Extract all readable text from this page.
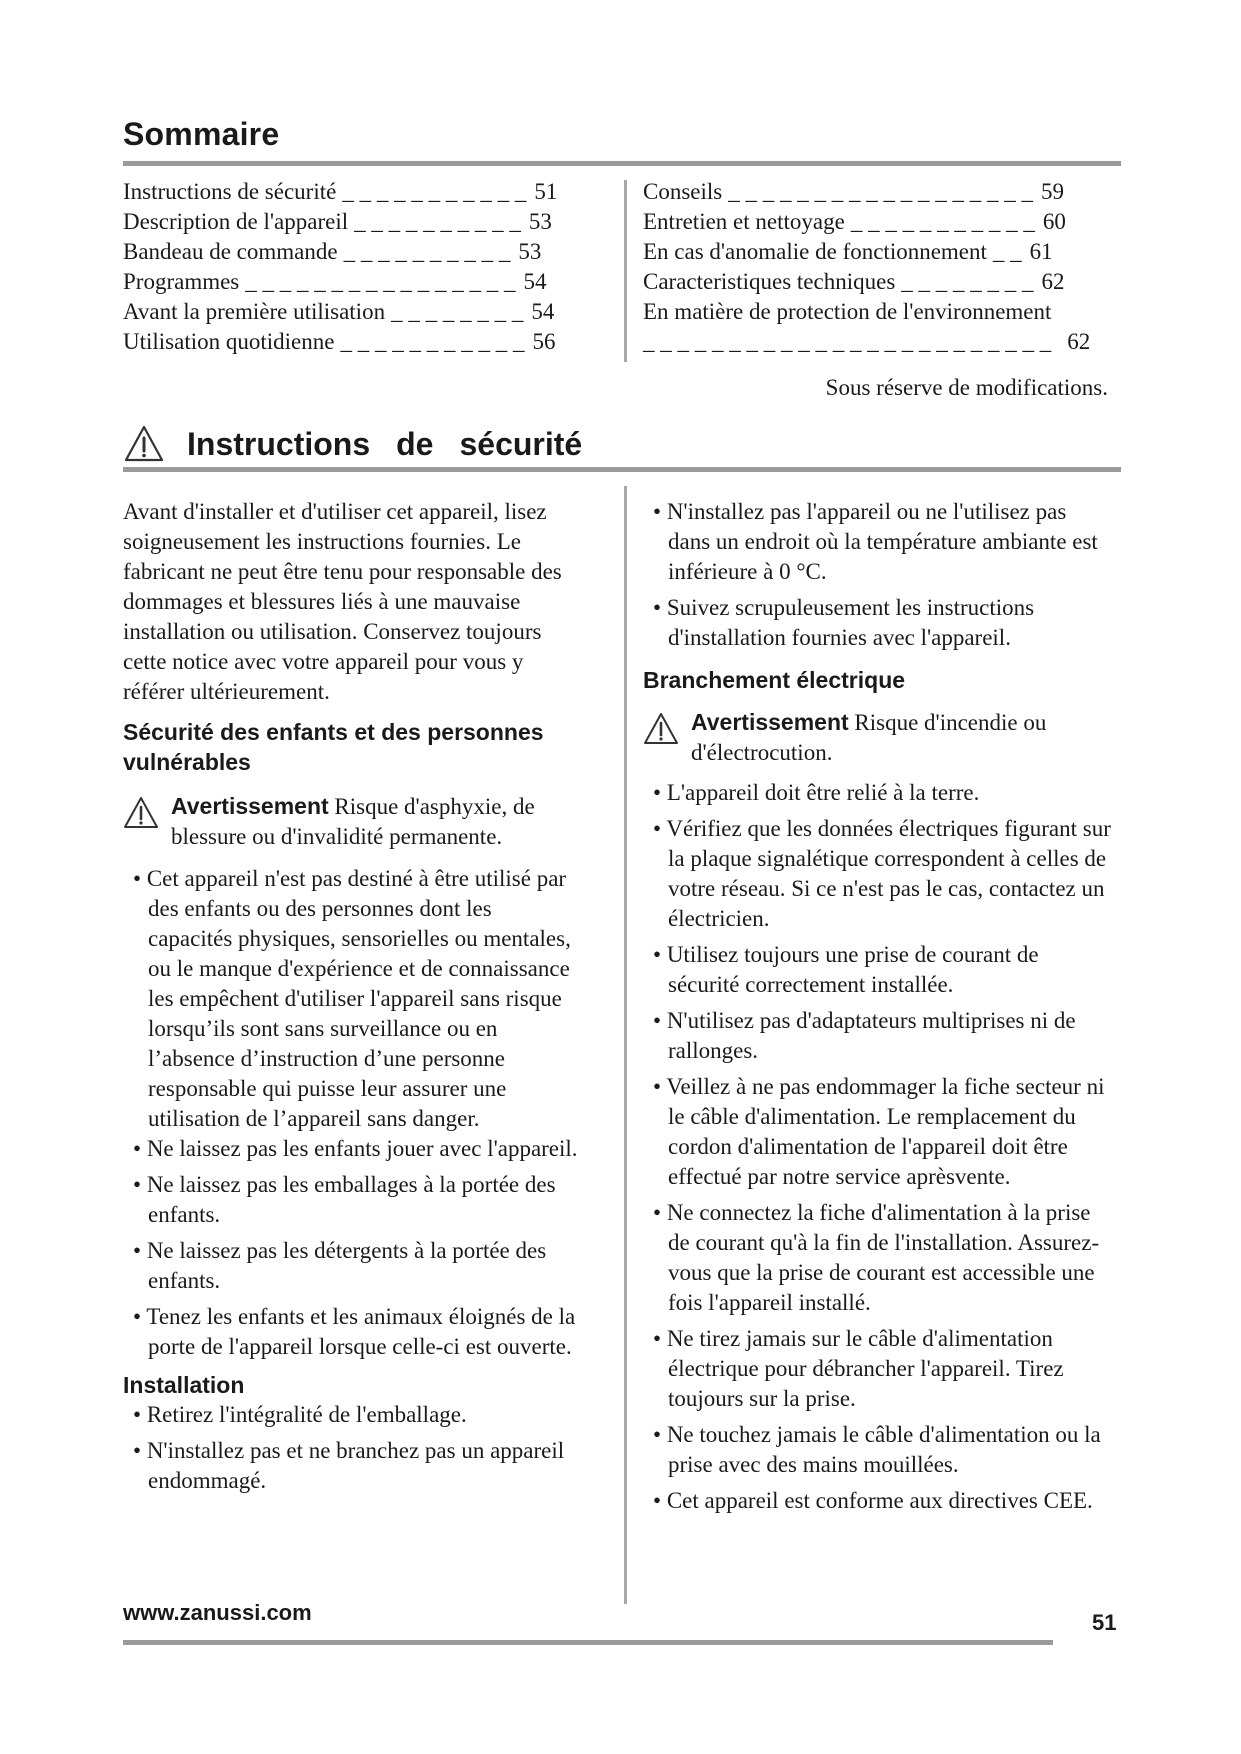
Sommaire
Instructions de sécurité _ _ _ _ _ _ _ _ _ _ _ 51
Description de l'appareil _ _ _ _ _ _ _ _ _ _ 53
Bandeau de commande _ _ _ _ _ _ _ _ _ _ 53
Programmes _ _ _ _ _ _ _ _ _ _ _ _ _ _ _ _ 54
Avant la première utilisation _ _ _ _ _ _ _ _ 54
Utilisation quotidienne _ _ _ _ _ _ _ _ _ _ _ 56
Conseils _ _ _ _ _ _ _ _ _ _ _ _ _ _ _ _ _ _ 59
Entretien et nettoyage _ _ _ _ _ _ _ _ _ _ _ 60
En cas d'anomalie de fonctionnement _ _ 61
Caracteristiques techniques _ _ _ _ _ _ _ _ 62
En matière de protection de l'environnement
_ _ _ _ _ _ _ _ _ _ _ _ _ _ _ _ _ _ _ _ _ _ _ _ 62
Sous réserve de modifications.
Instructions de sécurité

Avant d'installer et d'utiliser cet appareil, lisez soigneusement les instructions fournies. Le fabricant ne peut être tenu pour responsable des dommages et blessures liés à une mauvaise installation ou utilisation. Conservez toujours cette notice avec votre appareil pour vous y référer ultérieurement.

Sécurité des enfants et des personnes vulnérables

Avertissement Risque d'asphyxie, de blessure ou d'invalidité permanente.

• Cet appareil n'est pas destiné à être utilisé par des enfants ou des personnes dont les capacités physiques, sensorielles ou mentales, ou le manque d'expérience et de connaissance les empêchent d'utiliser l'appareil sans risque lorsqu’ils sont sans surveillance ou en l’absence d’instruction d’une personne responsable qui puisse leur assurer une utilisation de l’appareil sans danger.

• Ne laissez pas les enfants jouer avec l'appareil.

• Ne laissez pas les emballages à la portée des enfants.

• Ne laissez pas les détergents à la portée des enfants.

• Tenez les enfants et les animaux éloignés de la porte de l'appareil lorsque celle-ci est ouverte.

Installation

• Retirez l'intégralité de l'emballage.

• N'installez pas et ne branchez pas un appareil endommagé.

• N'installez pas l'appareil ou ne l'utilisez pas dans un endroit où la température ambiante est inférieure à 0 °C.

• Suivez scrupuleusement les instructions d'installation fournies avec l'appareil.

Branchement électrique

Avertissement Risque d'incendie ou d'électrocution.

• L'appareil doit être relié à la terre.

• Vérifiez que les données électriques figurant sur la plaque signalétique correspondent à celles de votre réseau. Si ce n'est pas le cas, contactez un électricien.

• Utilisez toujours une prise de courant de sécurité correctement installée.

• N'utilisez pas d'adaptateurs multiprises ni de rallonges.

• Veillez à ne pas endommager la fiche secteur ni le câble d'alimentation. Le remplacement du cordon d'alimentation de l'appareil doit être effectué par notre service aprèsvente.

• Ne connectez la fiche d'alimentation à la prise de courant qu'à la fin de l'installation. Assurez-vous que la prise de courant est accessible une fois l'appareil installé.

• Ne tirez jamais sur le câble d'alimentation électrique pour débrancher l'appareil. Tirez toujours sur la prise.

• Ne touchez jamais le câble d'alimentation ou la prise avec des mains mouillées.

• Cet appareil est conforme aux directives CEE.

www.zanussi.com	51
